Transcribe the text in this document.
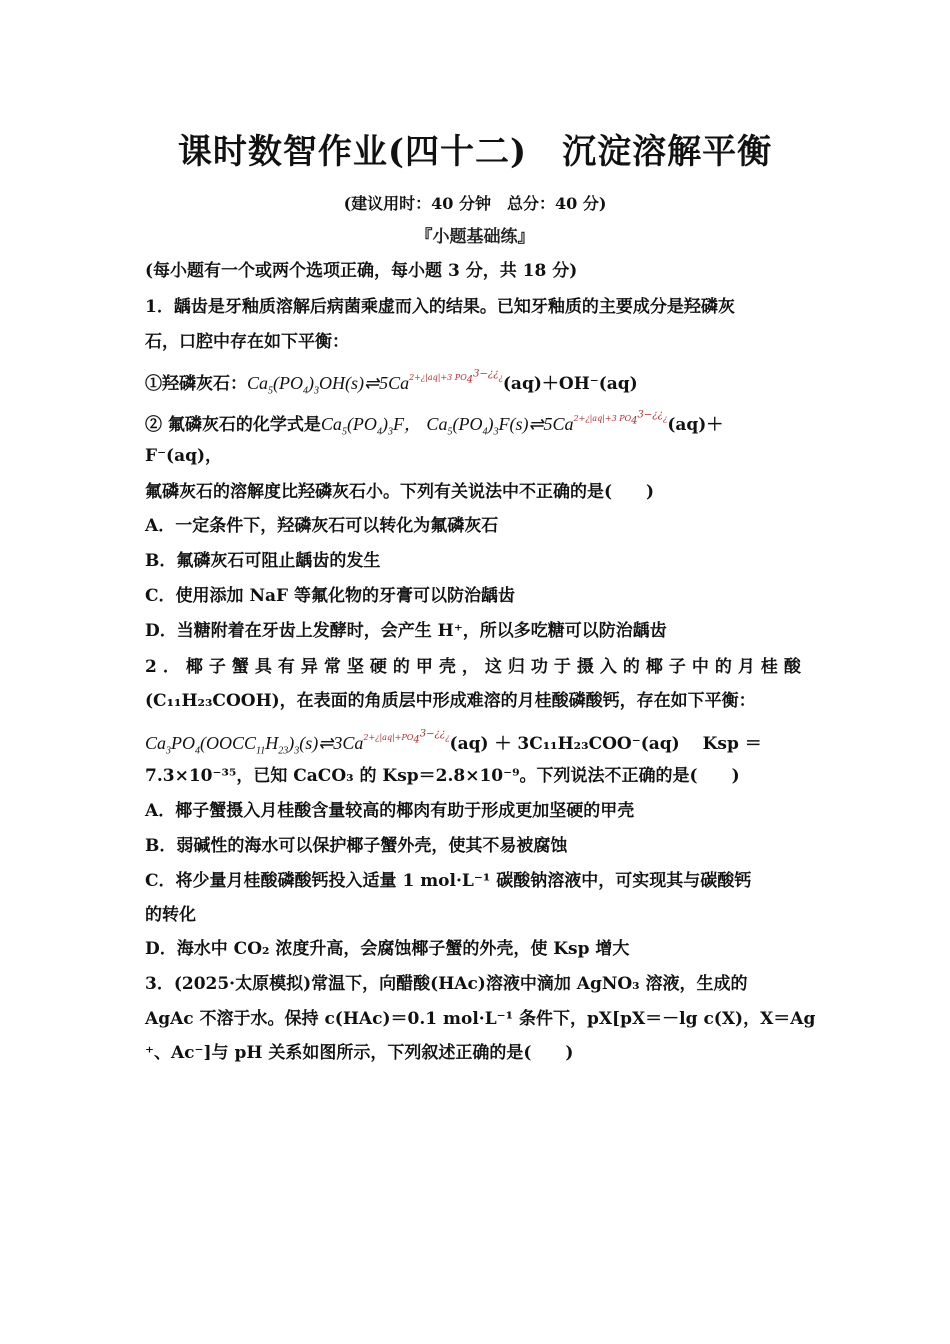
课时数智作业(四十二)　沉淀溶解平衡
(建议用时：40 分钟　总分：40 分)
『小题基础练』
(每小题有一个或两个选项正确，每小题 3 分，共 18 分)
1．龋齿是牙釉质溶解后病菌乘虚而入的结果。已知牙釉质的主要成分是羟磷灰
石，口腔中存在如下平衡：
①羟磷灰石：$Ca_5(PO_4)_3OH(s)\rightleftharpoons 5Ca^{2+¿|aq|+3 PO_4^{3-¿¿}¿}(aq)+OH^-(aq)$
② 氟磷灰石的化学式是$Ca_5(PO_4)_3F$， $Ca_5(PO_4)_3F(s)\rightleftharpoons 5Ca^{2+¿|aq|+3 PO_4^{3-¿¿}¿}(aq)+$
F⁻(aq)，
氟磷灰石的溶解度比羟磷灰石小。下列有关说法中不正确的是(　　)
A．一定条件下，羟磷灰石可以转化为氟磷灰石
B．氟磷灰石可阻止龋齿的发生
C．使用添加 NaF 等氟化物的牙膏可以防治龋齿
D．当糖附着在牙齿上发酵时，会产生 H⁺，所以多吃糖可以防治龋齿
2．椰子蟹具有异常坚硬的甲壳，这归功于摄入的椰子中的月桂酸
(C₁₁H₂₃COOH)，在表面的角质层中形成难溶的月桂酸磷酸钙，存在如下平衡：
$Ca_3PO_4(OOCC_{11}H_{23})_3(s)\rightleftharpoons 3Ca^{2+¿|aq|+PO_4^{3-¿¿}¿}(aq) + 3C_{11}H_{23}COO^-(aq)$　 Ksp ＝
7.3×10⁻³⁵，已知 CaCO₃ 的 Ksp＝2.8×10⁻⁹。下列说法不正确的是(　　)
A．椰子蟹摄入月桂酸含量较高的椰肉有助于形成更加坚硬的甲壳
B．弱碱性的海水可以保护椰子蟹外壳，使其不易被腐蚀
C．将少量月桂酸磷酸钙投入适量 1 mol·L⁻¹ 碳酸钠溶液中，可实现其与碳酸钙
的转化
D．海水中 CO₂ 浓度升高，会腐蚀椰子蟹的外壳，使 Ksp 增大
3．(2025·太原模拟)常温下，向醋酸(HAc)溶液中滴加 AgNO₃ 溶液，生成的
AgAc 不溶于水。保持 c(HAc)＝0.1 mol·L⁻¹ 条件下，pX[pX＝－lg c(X)，X＝Ag
⁺、Ac⁻]与 pH 关系如图所示，下列叙述正确的是(　　)
